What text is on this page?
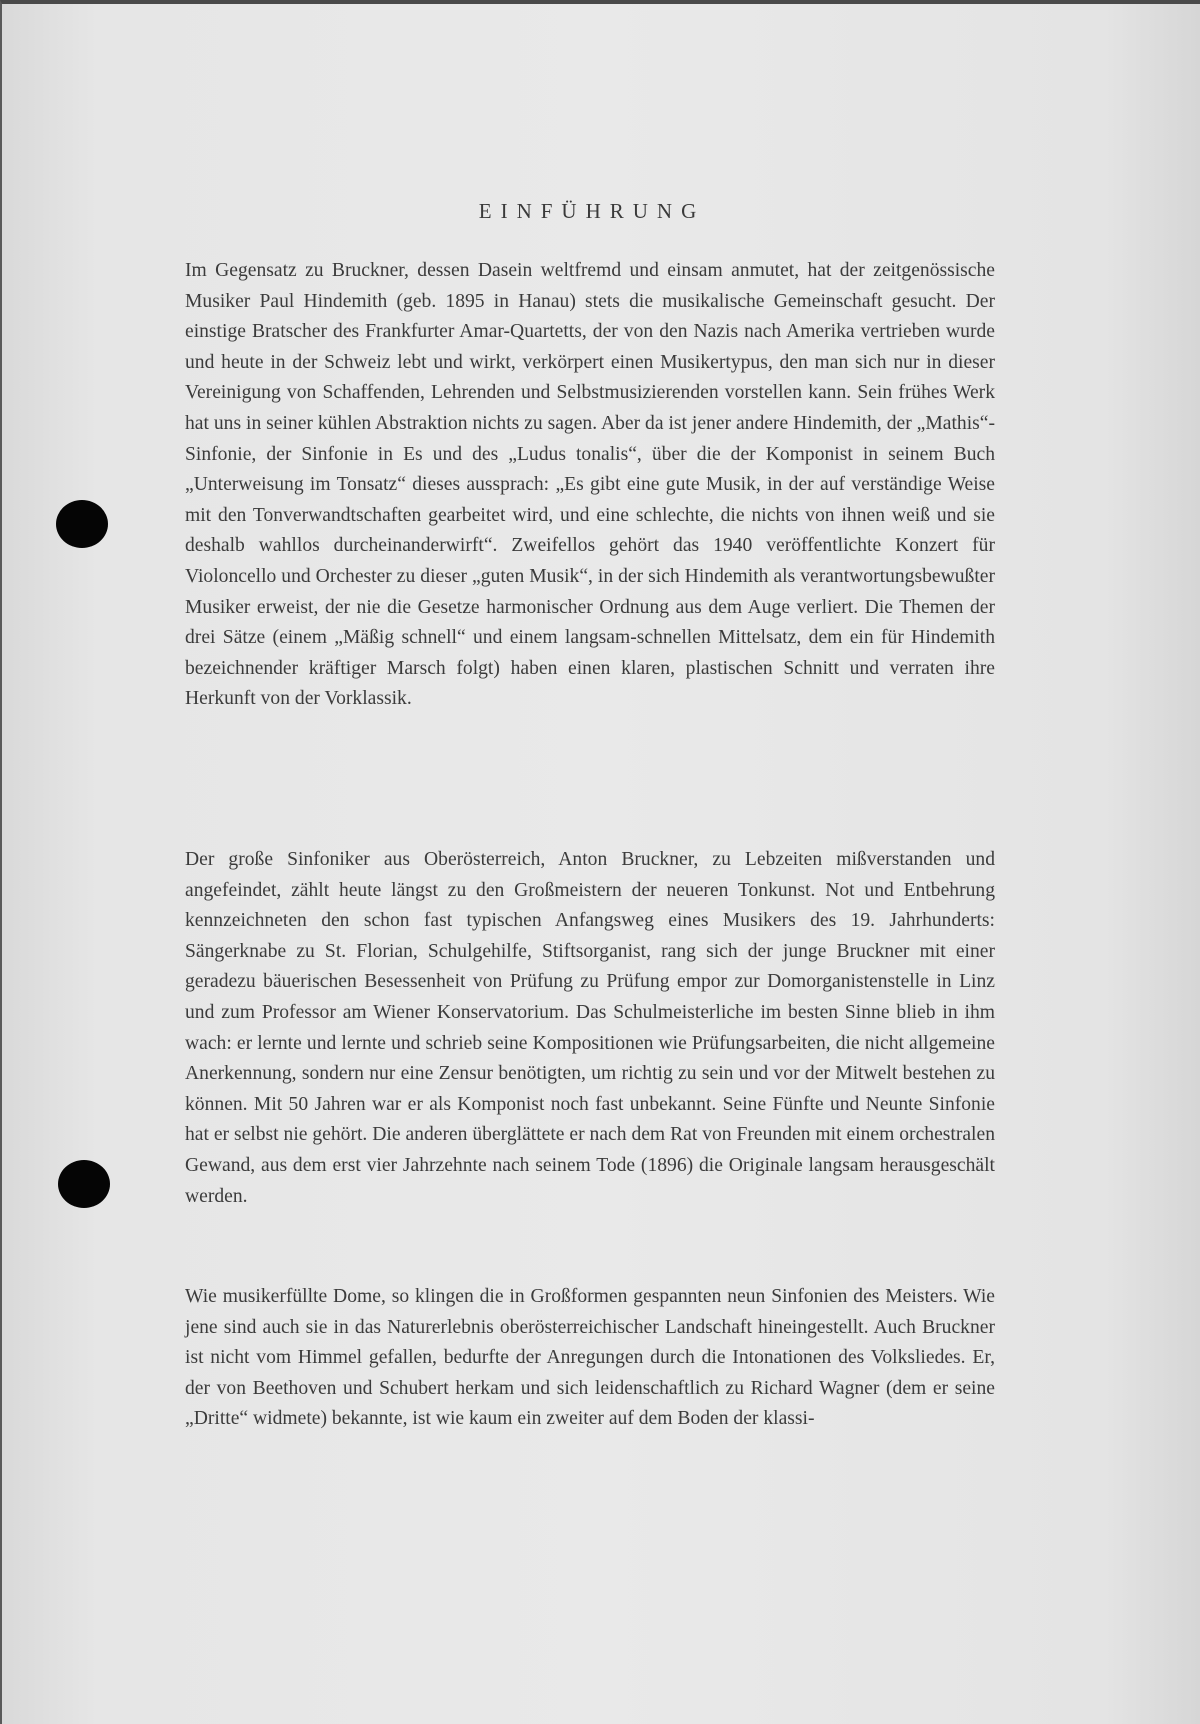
EINFÜHRUNG

Im Gegensatz zu Bruckner, dessen Dasein weltfremd und einsam anmutet, hat der zeitgenössische Musiker Paul Hindemith (geb. 1895 in Hanau) stets die musikalische Gemeinschaft gesucht. Der einstige Bratscher des Frankfurter Amar-Quartetts, der von den Nazis nach Amerika vertrieben wurde und heute in der Schweiz lebt und wirkt, verkörpert einen Musikertypus, den man sich nur in dieser Vereinigung von Schaffenden, Lehrenden und Selbstmusizierenden vorstellen kann. Sein frühes Werk hat uns in seiner kühlen Abstraktion nichts zu sagen. Aber da ist jener andere Hindemith, der „Mathis“-Sinfonie, der Sinfonie in Es und des „Ludus tonalis“, über die der Komponist in seinem Buch „Unterweisung im Tonsatz“ dieses aussprach: „Es gibt eine gute Musik, in der auf verständige Weise mit den Tonverwandtschaften gearbeitet wird, und eine schlechte, die nichts von ihnen weiß und sie deshalb wahllos durcheinanderwirft“. Zweifellos gehört das 1940 veröffentlichte Konzert für Violoncello und Orchester zu dieser „guten Musik“, in der sich Hindemith als verantwortungsbewußter Musiker erweist, der nie die Gesetze harmonischer Ordnung aus dem Auge verliert. Die Themen der drei Sätze (einem „Mäßig schnell“ und einem langsam-schnellen Mittelsatz, dem ein für Hindemith bezeichnender kräftiger Marsch folgt) haben einen klaren, plastischen Schnitt und verraten ihre Herkunft von der Vorklassik.

Der große Sinfoniker aus Oberösterreich, Anton Bruckner, zu Lebzeiten mißverstanden und angefeindet, zählt heute längst zu den Großmeistern der neueren Tonkunst. Not und Entbehrung kennzeichneten den schon fast typischen Anfangsweg eines Musikers des 19. Jahrhunderts: Sängerknabe zu St. Florian, Schulgehilfe, Stiftsorganist, rang sich der junge Bruckner mit einer geradezu bäuerischen Besessenheit von Prüfung zu Prüfung empor zur Domorganistenstelle in Linz und zum Professor am Wiener Konservatorium. Das Schulmeisterliche im besten Sinne blieb in ihm wach: er lernte und lernte und schrieb seine Kompositionen wie Prüfungsarbeiten, die nicht allgemeine Anerkennung, sondern nur eine Zensur benötigten, um richtig zu sein und vor der Mitwelt bestehen zu können. Mit 50 Jahren war er als Komponist noch fast unbekannt. Seine Fünfte und Neunte Sinfonie hat er selbst nie gehört. Die anderen überglättete er nach dem Rat von Freunden mit einem orchestralen Gewand, aus dem erst vier Jahrzehnte nach seinem Tode (1896) die Originale langsam herausgeschält werden.

Wie musikerfüllte Dome, so klingen die in Großformen gespannten neun Sinfonien des Meisters. Wie jene sind auch sie in das Naturerlebnis oberösterreichischer Landschaft hineingestellt. Auch Bruckner ist nicht vom Himmel gefallen, bedurfte der Anregungen durch die Intonationen des Volksliedes. Er, der von Beethoven und Schubert herkam und sich leidenschaftlich zu Richard Wagner (dem er seine „Dritte“ widmete) bekannte, ist wie kaum ein zweiter auf dem Boden der klassi-
